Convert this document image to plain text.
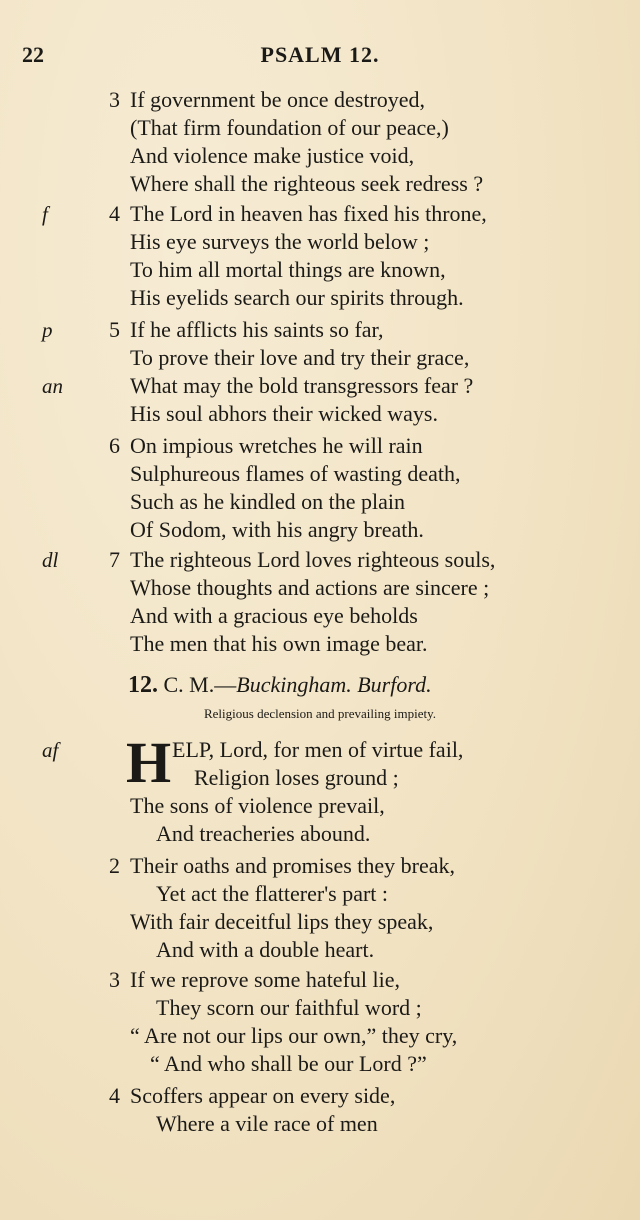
22	PSALM 12.
f
p
an
dl
af
3 If government be once destroyed,
(That firm foundation of our peace,)
And violence make justice void,
Where shall the righteous seek redress ?
4 The Lord in heaven has fixed his throne,
His eye surveys the world below ;
To him all mortal things are known,
His eyelids search our spirits through.
5 If he afflicts his saints so far,
To prove their love and try their grace,
What may the bold transgressors fear ?
His soul abhors their wicked ways.
6 On impious wretches he will rain
Sulphureous flames of wasting death,
Such as he kindled on the plain
Of Sodom, with his angry breath.
7 The righteous Lord loves righteous souls,
Whose thoughts and actions are sincere ;
And with a gracious eye beholds
The men that his own image bear.
12. C. M.—Buckingham. Burford.
Religious declension and prevailing impiety.
H ELP, Lord, for men of virtue fail,
Religion loses ground ;
The sons of violence prevail,
And treacheries abound.
2 Their oaths and promises they break,
Yet act the flatterer's part :
With fair deceitful lips they speak,
And with a double heart.
3 If we reprove some hateful lie,
They scorn our faithful word ;
“ Are not our lips our own,” they cry,
“ And who shall be our Lord ?”
4 Scoffers appear on every side,
Where a vile race of men
